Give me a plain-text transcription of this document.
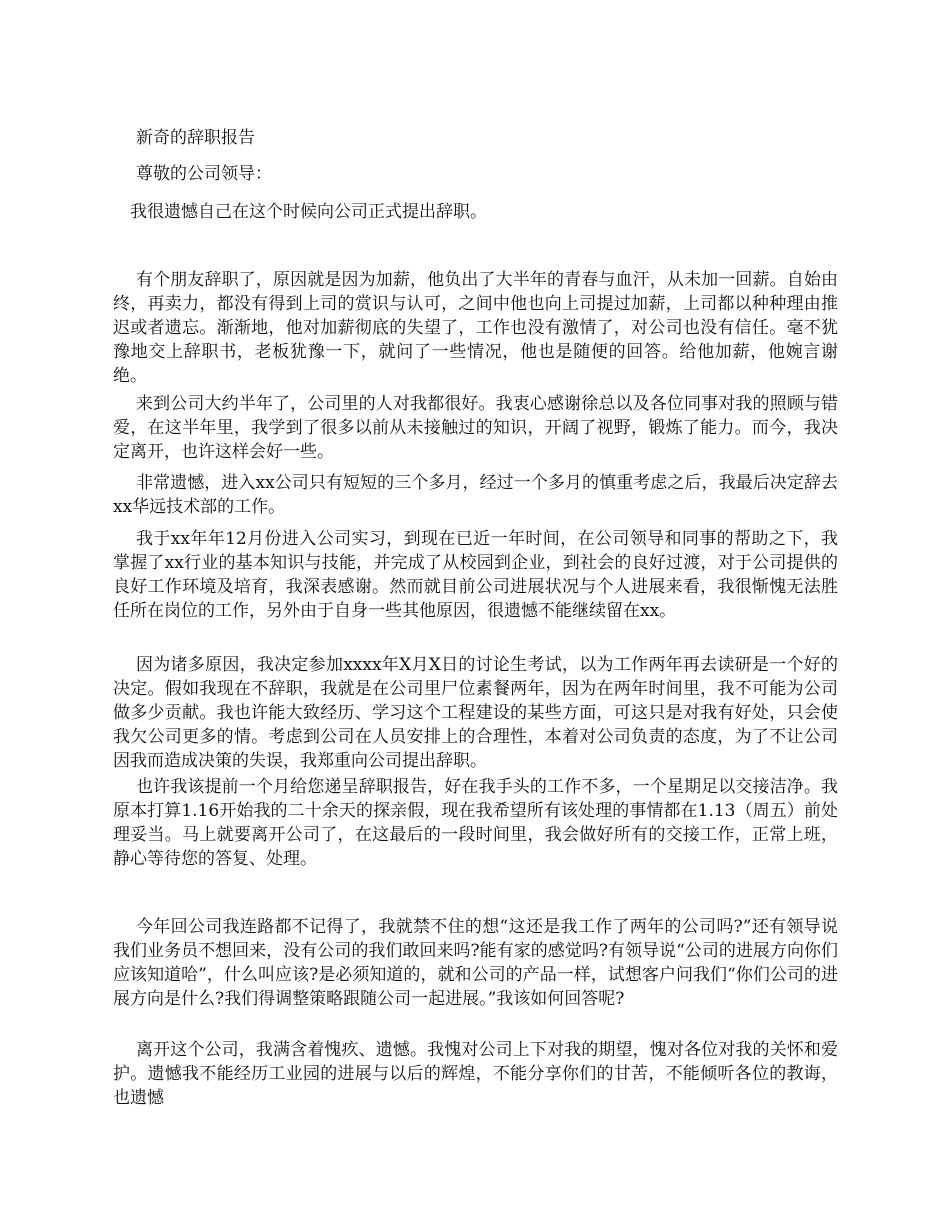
新奇的辞职报告
尊敬的公司领导：
我很遗憾自己在这个时候向公司正式提出辞职。

有个朋友辞职了，原因就是因为加薪，他负出了大半年的青春与血汗，从未加一回薪。自始由终，再卖力，都没有得到上司的赏识与认可，之间中他也向上司提过加薪，上司都以种种理由推迟或者遗忘。渐渐地，他对加薪彻底的失望了，工作也没有激情了，对公司也没有信任。毫不犹豫地交上辞职书，老板犹豫一下，就问了一些情况，他也是随便的回答。给他加薪，他婉言谢绝。

来到公司大约半年了，公司里的人对我都很好。我衷心感谢徐总以及各位同事对我的照顾与错爱，在这半年里，我学到了很多以前从未接触过的知识，开阔了视野，锻炼了能力。而今，我决定离开，也许这样会好一些。

非常遗憾，进入xx公司只有短短的三个多月，经过一个多月的慎重考虑之后，我最后决定辞去xx华远技术部的工作。

我于xx年年12月份进入公司实习，到现在已近一年时间，在公司领导和同事的帮助之下，我掌握了xx行业的基本知识与技能，并完成了从校园到企业，到社会的良好过渡，对于公司提供的良好工作环境及培育，我深表感谢。然而就目前公司进展状况与个人进展来看，我很惭愧无法胜任所在岗位的工作，另外由于自身一些其他原因，很遗憾不能继续留在xx。

因为诸多原因，我决定参加xxxx年X月X日的讨论生考试，以为工作两年再去读研是一个好的决定。假如我现在不辞职，我就是在公司里尸位素餐两年，因为在两年时间里，我不可能为公司做多少贡献。我也许能大致经历、学习这个工程建设的某些方面，可这只是对我有好处，只会使我欠公司更多的情。考虑到公司在人员安排上的合理性，本着对公司负责的态度，为了不让公司因我而造成决策的失误，我郑重向公司提出辞职。

也许我该提前一个月给您递呈辞职报告，好在我手头的工作不多，一个星期足以交接洁净。我原本打算1.16开始我的二十余天的探亲假，现在我希望所有该处理的事情都在1.13（周五）前处理妥当。马上就要离开公司了，在这最后的一段时间里，我会做好所有的交接工作，正常上班，静心等待您的答复、处理。

今年回公司我连路都不记得了，我就禁不住的想“这还是我工作了两年的公司吗?”还有领导说我们业务员不想回来，没有公司的我们敢回来吗?能有家的感觉吗?有领导说“公司的进展方向你们应该知道哈”，什么叫应该?是必须知道的，就和公司的产品一样，试想客户问我们“你们公司的进展方向是什么?我们得调整策略跟随公司一起进展。”我该如何回答呢?

离开这个公司，我满含着愧疚、遗憾。我愧对公司上下对我的期望，愧对各位对我的关怀和爱护。遗憾我不能经历工业园的进展与以后的辉煌，不能分享你们的甘苦，不能倾听各位的教诲，也遗憾
